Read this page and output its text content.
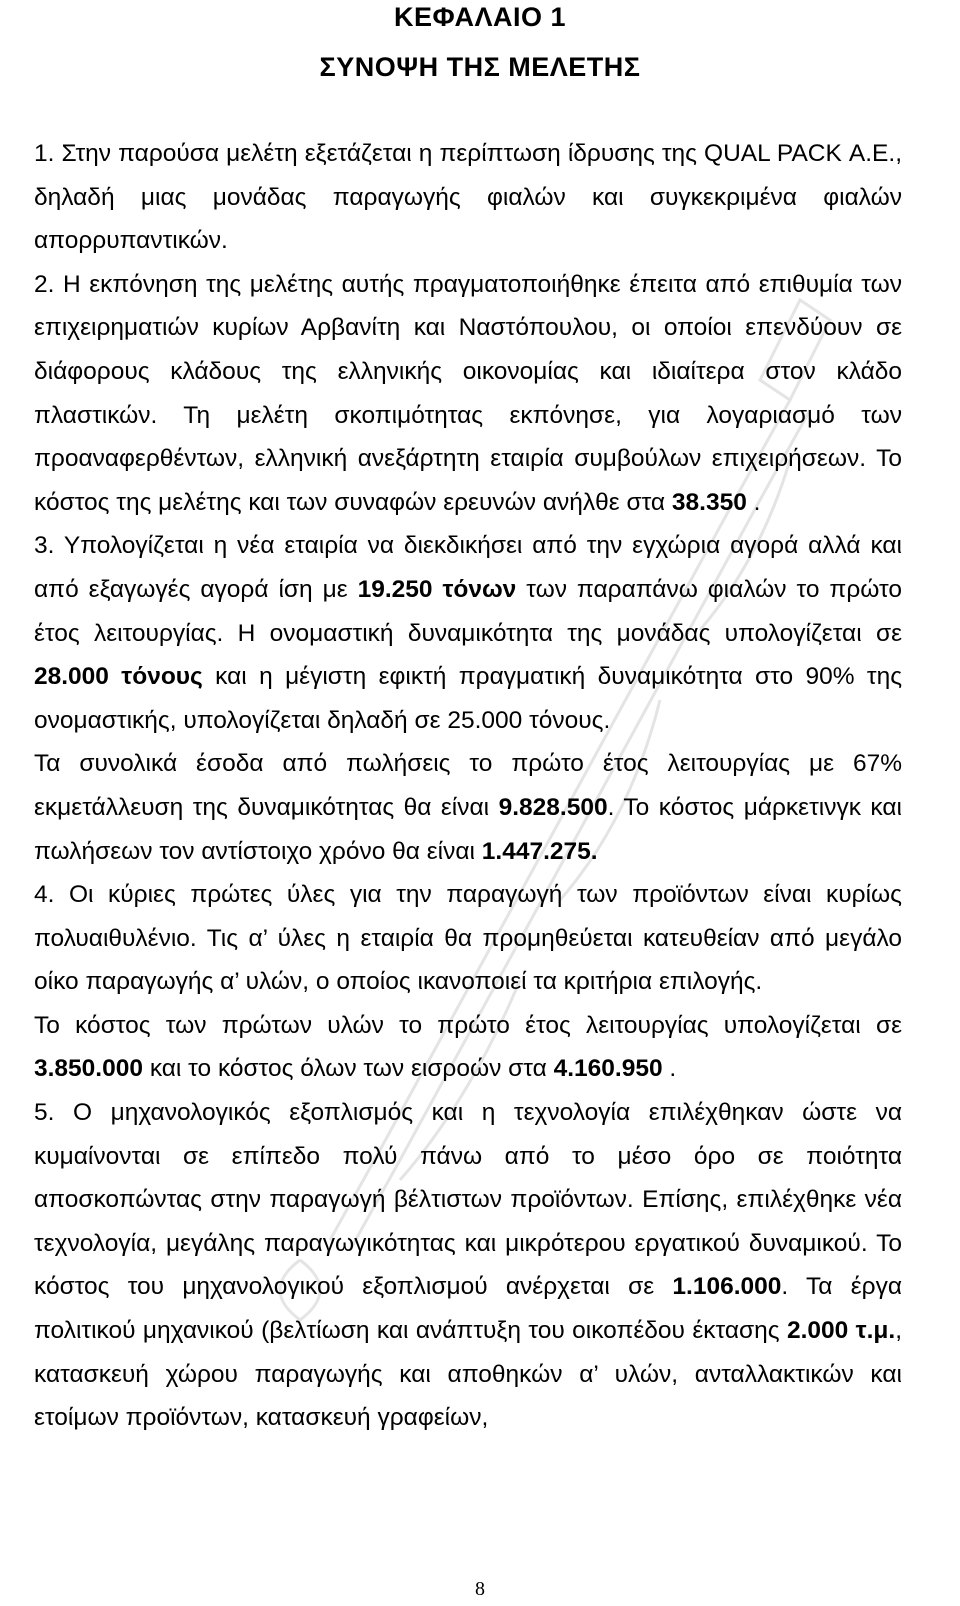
ΚΕΦΑΛΑΙΟ 1
ΣΥΝΟΨΗ ΤΗΣ ΜΕΛΕΤΗΣ

1. Στην παρούσα μελέτη εξετάζεται η περίπτωση ίδρυσης της QUAL PACK Α.Ε., δηλαδή μιας μονάδας παραγωγής φιαλών και συγκεκριμένα φιαλών απορρυπαντικών.

2. Η εκπόνηση της μελέτης αυτής πραγματοποιήθηκε έπειτα από επιθυμία των επιχειρηματιών κυρίων Αρβανίτη και Ναστόπουλου, οι οποίοι επενδύουν σε διάφορους κλάδους της ελληνικής οικονομίας και ιδιαίτερα στον κλάδο πλαστικών. Τη μελέτη σκοπιμότητας εκπόνησε, για λογαριασμό των προαναφερθέντων, ελληνική ανεξάρτητη εταιρία συμβούλων επιχειρήσεων. Το κόστος της μελέτης και των συναφών ερευνών ανήλθε στα 38.350 .

3. Υπολογίζεται η νέα εταιρία να διεκδικήσει από την εγχώρια αγορά αλλά και από εξαγωγές αγορά ίση με 19.250 τόνων των παραπάνω φιαλών το πρώτο έτος λειτουργίας. Η ονομαστική δυναμικότητα της μονάδας υπολογίζεται σε 28.000 τόνους και η μέγιστη εφικτή πραγματική δυναμικότητα στο 90% της ονομαστικής, υπολογίζεται δηλαδή σε 25.000 τόνους.

Τα συνολικά έσοδα από πωλήσεις το πρώτο έτος λειτουργίας με 67% εκμετάλλευση της δυναμικότητας θα είναι 9.828.500. Το κόστος μάρκετινγκ και πωλήσεων τον αντίστοιχο χρόνο θα είναι 1.447.275.

4. Οι κύριες πρώτες ύλες για την παραγωγή των προϊόντων είναι κυρίως πολυαιθυλένιο. Τις α’ ύλες η εταιρία θα προμηθεύεται κατευθείαν από μεγάλο οίκο παραγωγής α’ υλών, ο οποίος ικανοποιεί τα κριτήρια επιλογής.

Το κόστος των πρώτων υλών το πρώτο έτος λειτουργίας υπολογίζεται σε 3.850.000 και το κόστος όλων των εισροών στα 4.160.950 .

5. Ο μηχανολογικός εξοπλισμός και η τεχνολογία επιλέχθηκαν ώστε να κυμαίνονται σε επίπεδο πολύ πάνω από το μέσο όρο σε ποιότητα αποσκοπώντας στην παραγωγή βέλτιστων προϊόντων. Επίσης, επιλέχθηκε νέα τεχνολογία, μεγάλης παραγωγικότητας και μικρότερου εργατικού δυναμικού. Το κόστος του μηχανολογικού εξοπλισμού ανέρχεται σε 1.106.000. Τα έργα πολιτικού μηχανικού (βελτίωση και ανάπτυξη του οικοπέδου έκτασης 2.000 τ.μ., κατασκευή χώρου παραγωγής και αποθηκών α’ υλών, ανταλλακτικών και ετοίμων προϊόντων, κατασκευή γραφείων,

8
